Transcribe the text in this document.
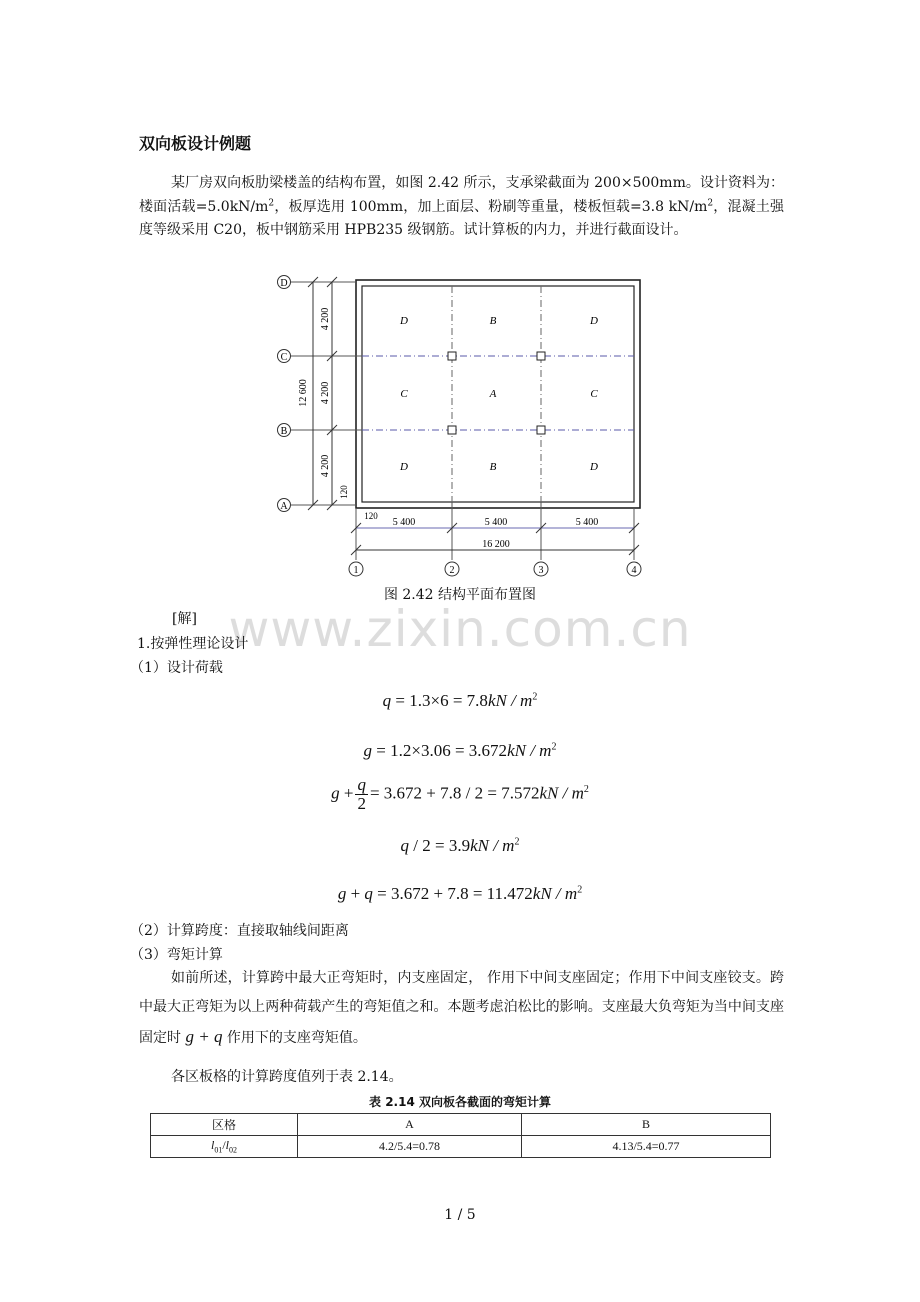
双向板设计例题
某厂房双向板肋梁楼盖的结构布置，如图 2.42 所示，支承梁截面为 200×500mm。设计资料为：楼面活载$=5.0kN/m^2$，板厚选用 100mm，加上面层、粉刷等重量，楼板恒载=3.8 $kN/m^2$，混凝土强度等级采用 C20，板中钢筋采用 HPB235 级钢筋。试计算板的内力，并进行截面设计。
D	B	D
C	A	C
D	B	D
D
C
B
A
12 600
4 200
4 200
4 200
120
120
5 400	5 400	5 400
16 200
1	2	3	4
图 2.42 结构平面布置图
www.zixin.com.cn
[解]
1.按弹性理论设计
（1）设计荷载
$q = 1.3\times 6 = 7.8kN / m^2$
$g = 1.2\times 3.06 = 3.672kN / m^2$
$g + \frac{q}{2} = 3.672 + 7.8 / 2 = 7.572kN / m^2$
$q / 2 = 3.9kN / m^2$
$g + q = 3.672 + 7.8 = 11.472kN / m^2$
（2）计算跨度：直接取轴线间距离
（3）弯矩计算
如前所述，计算跨中最大正弯矩时，内支座固定， 作用下中间支座固定；作用下中间支座铰支。跨中最大正弯矩为以上两种荷载产生的弯矩值之和。本题考虑泊松比的影响。支座最大负弯矩为当中间支座固定时 g + q 作用下的支座弯矩值。
各区板格的计算跨度值列于表 2.14。
表 2.14 双向板各截面的弯矩计算
区格	A	B
$l_{01}/l_{02}$	4.2/5.4=0.78	4.13/5.4=0.77
1 / 5
